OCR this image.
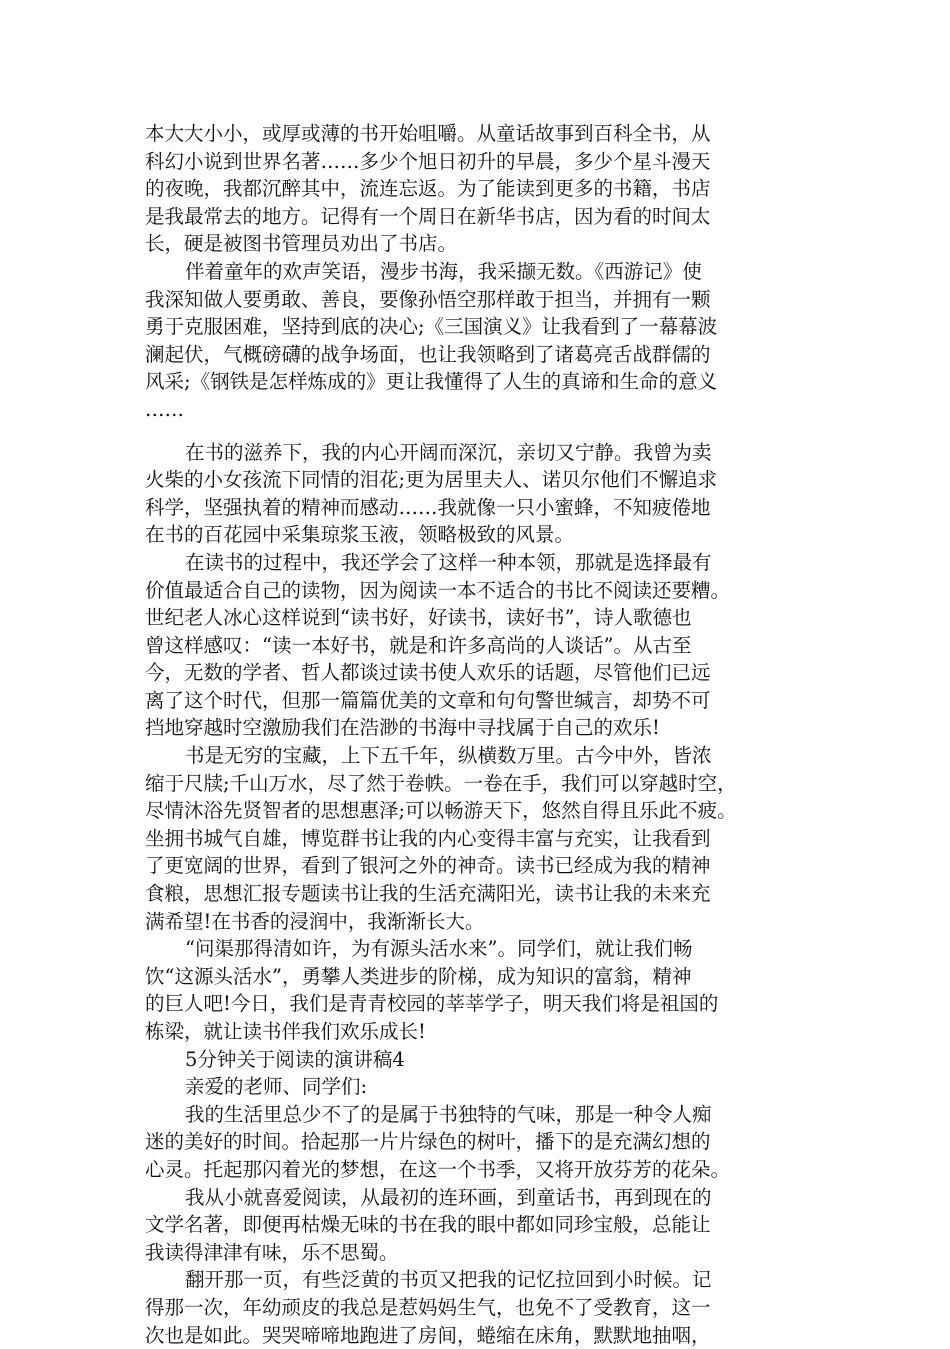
本大大小小，或厚或薄的书开始咀嚼。从童话故事到百科全书，从
科幻小说到世界名著……多少个旭日初升的早晨，多少个星斗漫天
的夜晚，我都沉醉其中，流连忘返。为了能读到更多的书籍，书店
是我最常去的地方。记得有一个周日在新华书店，因为看的时间太
长，硬是被图书管理员劝出了书店。
伴着童年的欢声笑语，漫步书海，我采撷无数。《西游记》使
我深知做人要勇敢、善良，要像孙悟空那样敢于担当，并拥有一颗
勇于克服困难，坚持到底的决心;《三国演义》让我看到了一幕幕波
澜起伏，气概磅礴的战争场面，也让我领略到了诸葛亮舌战群儒的
风采;《钢铁是怎样炼成的》更让我懂得了人生的真谛和生命的意义
……
在书的滋养下，我的内心开阔而深沉，亲切又宁静。我曾为卖
火柴的小女孩流下同情的泪花;更为居里夫人、诺贝尔他们不懈追求
科学，坚强执着的精神而感动……我就像一只小蜜蜂，不知疲倦地
在书的百花园中采集琼浆玉液，领略极致的风景。
在读书的过程中，我还学会了这样一种本领，那就是选择最有
价值最适合自己的读物，因为阅读一本不适合的书比不阅读还要糟。
世纪老人冰心这样说到“读书好，好读书，读好书”，诗人歌德也
曾这样感叹：“读一本好书，就是和许多高尚的人谈话”。从古至
今，无数的学者、哲人都谈过读书使人欢乐的话题，尽管他们已远
离了这个时代，但那一篇篇优美的文章和句句警世缄言，却势不可
挡地穿越时空激励我们在浩渺的书海中寻找属于自己的欢乐!
书是无穷的宝藏，上下五千年，纵横数万里。古今中外，皆浓
缩于尺牍;千山万水，尽了然于卷帙。一卷在手，我们可以穿越时空，
尽情沐浴先贤智者的思想惠泽;可以畅游天下，悠然自得且乐此不疲。
坐拥书城气自雄，博览群书让我的内心变得丰富与充实，让我看到
了更宽阔的世界，看到了银河之外的神奇。读书已经成为我的精神
食粮，思想汇报专题读书让我的生活充满阳光，读书让我的未来充
满希望!在书香的浸润中，我渐渐长大。
“问渠那得清如许，为有源头活水来”。同学们，就让我们畅
饮“这源头活水”，勇攀人类进步的阶梯，成为知识的富翁，精神
的巨人吧!今日，我们是青青校园的莘莘学子，明天我们将是祖国的
栋梁，就让读书伴我们欢乐成长!
5分钟关于阅读的演讲稿4
亲爱的老师、同学们:
我的生活里总少不了的是属于书独特的气味，那是一种令人痴
迷的美好的时间。拾起那一片片绿色的树叶，播下的是充满幻想的
心灵。托起那闪着光的梦想，在这一个书季，又将开放芬芳的花朵。
我从小就喜爱阅读，从最初的连环画，到童话书，再到现在的
文学名著，即便再枯燥无味的书在我的眼中都如同珍宝般，总能让
我读得津津有味，乐不思蜀。
翻开那一页，有些泛黄的书页又把我的记忆拉回到小时候。记
得那一次，年幼顽皮的我总是惹妈妈生气，也免不了受教育，这一
次也是如此。哭哭啼啼地跑进了房间，蜷缩在床角，默默地抽咽，
